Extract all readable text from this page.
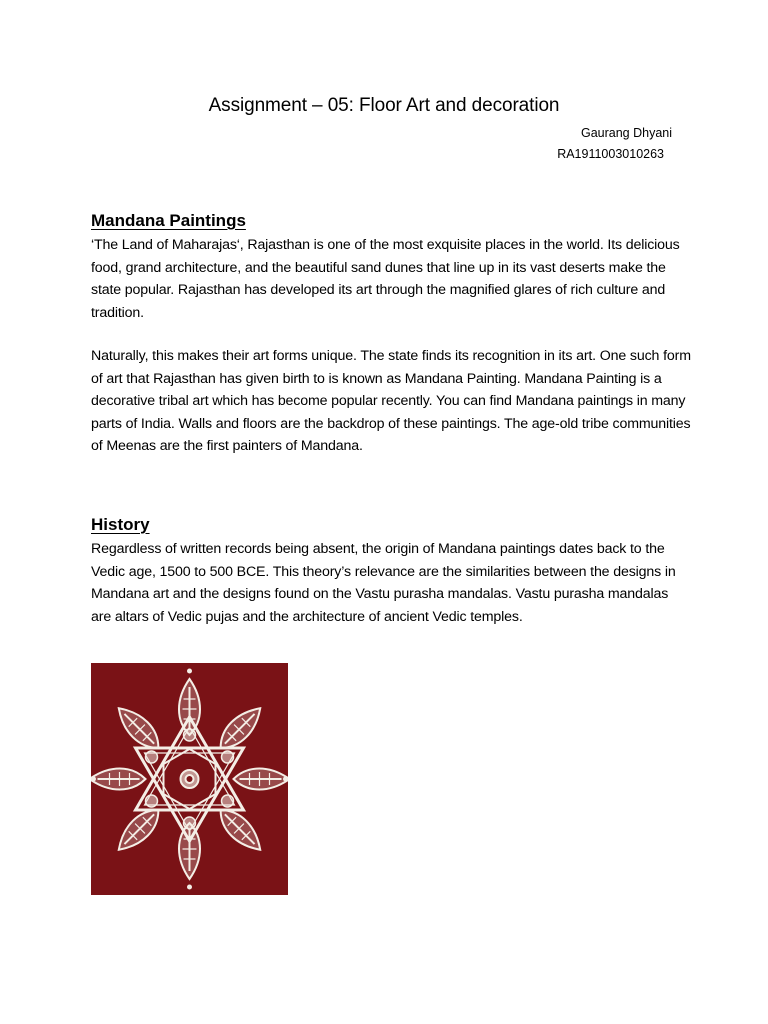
Assignment – 05: Floor Art and decoration
Gaurang Dhyani
RA1911003010263
Mandana Paintings

‘The Land of Maharajas‘, Rajasthan is one of the most exquisite places in the world. Its delicious food, grand architecture, and the beautiful sand dunes that line up in its vast deserts make the state popular. Rajasthan has developed its art through the magnified glares of rich culture and tradition.

Naturally, this makes their art forms unique. The state finds its recognition in its art. One such form of art that Rajasthan has given birth to is known as Mandana Painting. Mandana Painting is a decorative tribal art which has become popular recently. You can find Mandana paintings in many parts of India. Walls and floors are the backdrop of these paintings. The age-old tribe communities of Meenas are the first painters of Mandana.

History

Regardless of written records being absent, the origin of Mandana paintings dates back to the Vedic age, 1500 to 500 BCE. This theory’s relevance are the similarities between the designs in Mandana art and the designs found on the Vastu purasha mandalas. Vastu purasha mandalas are altars of Vedic pujas and the architecture of ancient Vedic temples.
